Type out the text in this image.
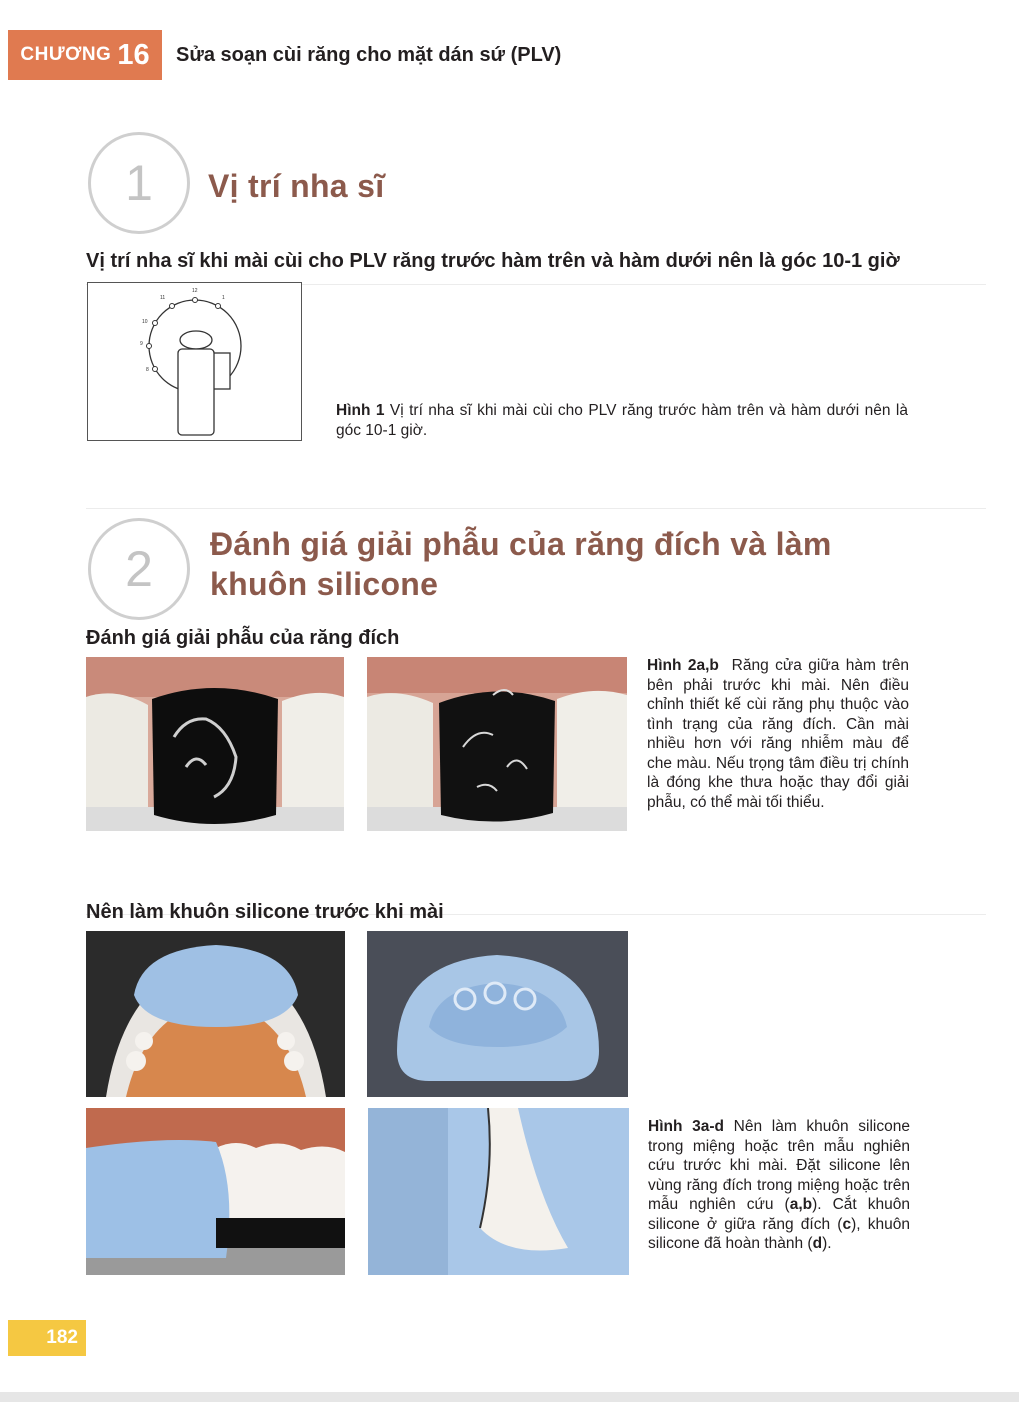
CHƯƠNG 16 Sửa soạn cùi răng cho mặt dán sứ (PLV)
1	Vị trí nha sĩ
Vị trí nha sĩ khi mài cùi cho PLV răng trước hàm trên và hàm dưới nên là góc 10-1 giờ
12
11	1
10
9
8
Hình 1 Vị trí nha sĩ khi mài cùi cho PLV răng trước hàm trên và hàm dưới nên là góc 10-1 giờ.
2	Đánh giá giải phẫu của răng đích và làm
khuôn silicone
Đánh giá giải phẫu của răng đích
Hình 2a,b Răng cửa giữa hàm trên bên phải trước khi mài. Nên điều chỉnh thiết kế cùi răng phụ thuộc vào tình trạng của răng đích. Cần mài nhiều hơn với răng nhiễm màu để che màu. Nếu trọng tâm điều trị chính là đóng khe thưa hoặc thay đổi giải phẫu, có thể mài tối thiểu.
Nên làm khuôn silicone trước khi mài
Hình 3a-d Nên làm khuôn silicone trong miệng hoặc trên mẫu nghiên cứu trước khi mài. Đặt silicone lên vùng răng đích trong miệng hoặc trên mẫu nghiên cứu (a,b). Cắt khuôn silicone ở giữa răng đích (c), khuôn silicone đã hoàn thành (d).
182
